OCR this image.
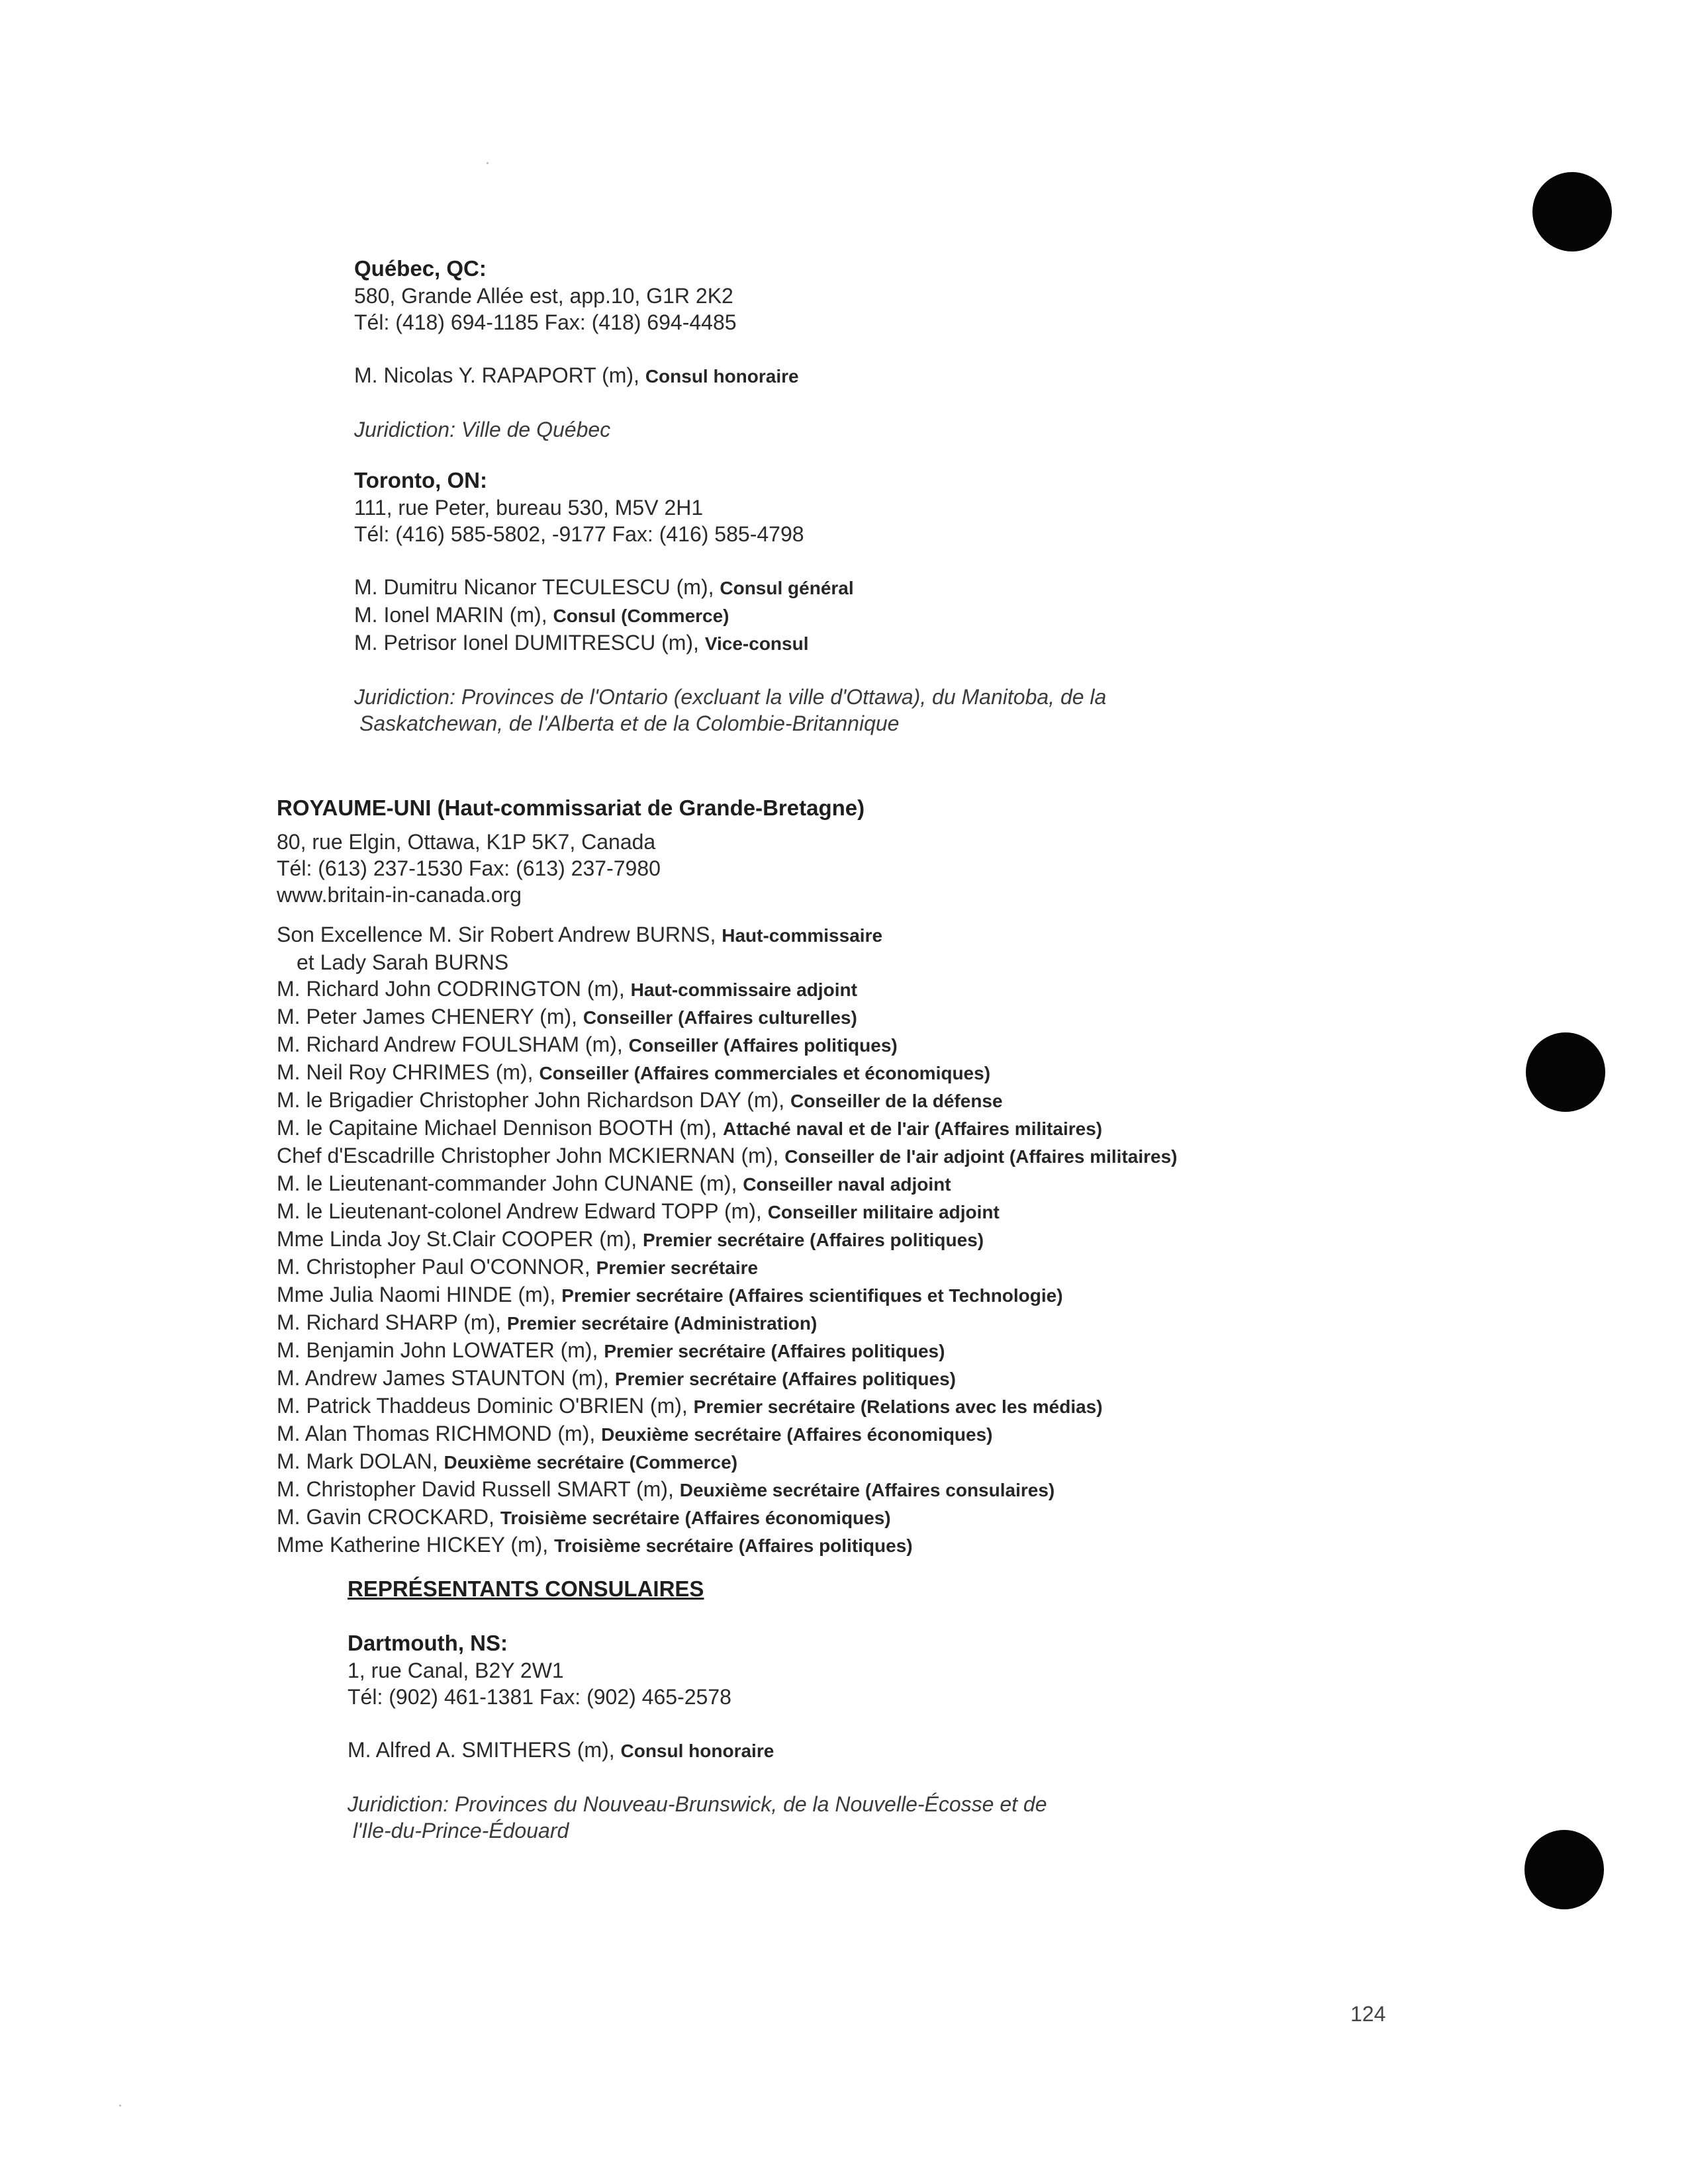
Québec, QC:
580, Grande Allée est, app.10, G1R 2K2
Tél: (418) 694-1185 Fax: (418) 694-4485
M. Nicolas Y. RAPAPORT (m), Consul honoraire
Juridiction: Ville de Québec
Toronto, ON:
111, rue Peter, bureau 530, M5V 2H1
Tél: (416) 585-5802, -9177 Fax: (416) 585-4798
M. Dumitru Nicanor TECULESCU (m), Consul général
M. Ionel MARIN (m), Consul (Commerce)
M. Petrisor Ionel DUMITRESCU (m), Vice-consul
Juridiction: Provinces de l'Ontario (excluant la ville d'Ottawa), du Manitoba, de la
Saskatchewan, de l'Alberta et de la Colombie-Britannique
ROYAUME-UNI (Haut-commissariat de Grande-Bretagne)
80, rue Elgin, Ottawa, K1P 5K7, Canada
Tél: (613) 237-1530 Fax: (613) 237-7980
www.britain-in-canada.org
Son Excellence M. Sir Robert Andrew BURNS, Haut-commissaire
et Lady Sarah BURNS
M. Richard John CODRINGTON (m), Haut-commissaire adjoint
M. Peter James CHENERY (m), Conseiller (Affaires culturelles)
M. Richard Andrew FOULSHAM (m), Conseiller (Affaires politiques)
M. Neil Roy CHRIMES (m), Conseiller (Affaires commerciales et économiques)
M. le Brigadier Christopher John Richardson DAY (m), Conseiller de la défense
M. le Capitaine Michael Dennison BOOTH (m), Attaché naval et de l'air (Affaires militaires)
Chef d'Escadrille Christopher John MCKIERNAN (m), Conseiller de l'air adjoint (Affaires militaires)
M. le Lieutenant-commander John CUNANE (m), Conseiller naval adjoint
M. le Lieutenant-colonel Andrew Edward TOPP (m), Conseiller militaire adjoint
Mme Linda Joy St.Clair COOPER (m), Premier secrétaire (Affaires politiques)
M. Christopher Paul O'CONNOR, Premier secrétaire
Mme Julia Naomi HINDE (m), Premier secrétaire (Affaires scientifiques et Technologie)
M. Richard SHARP (m), Premier secrétaire (Administration)
M. Benjamin John LOWATER (m), Premier secrétaire (Affaires politiques)
M. Andrew James STAUNTON (m), Premier secrétaire (Affaires politiques)
M. Patrick Thaddeus Dominic O'BRIEN (m), Premier secrétaire (Relations avec les médias)
M. Alan Thomas RICHMOND (m), Deuxième secrétaire (Affaires économiques)
M. Mark DOLAN, Deuxième secrétaire (Commerce)
M. Christopher David Russell SMART (m), Deuxième secrétaire (Affaires consulaires)
M. Gavin CROCKARD, Troisième secrétaire (Affaires économiques)
Mme Katherine HICKEY (m), Troisième secrétaire (Affaires politiques)
REPRÉSENTANTS CONSULAIRES
Dartmouth, NS:
1, rue Canal, B2Y 2W1
Tél: (902) 461-1381 Fax: (902) 465-2578
M. Alfred A. SMITHERS (m), Consul honoraire
Juridiction: Provinces du Nouveau-Brunswick, de la Nouvelle-Écosse et de
l'Ile-du-Prince-Édouard
124
